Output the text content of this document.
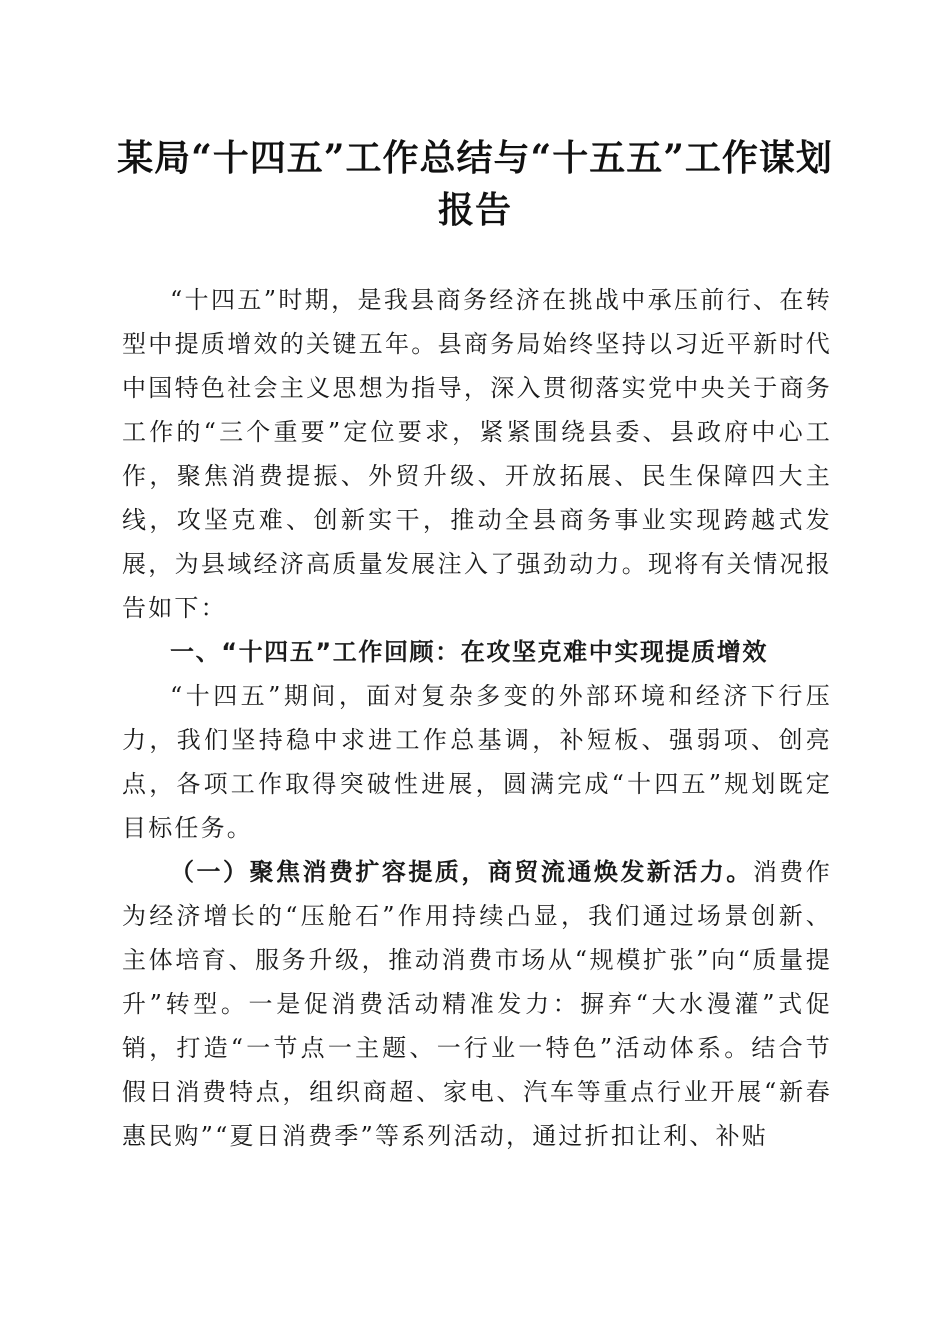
某局“十四五”工作总结与“十五五”工作谋划报告

“十四五”时期，是我县商务经济在挑战中承压前行、在转型中提质增效的关键五年。县商务局始终坚持以习近平新时代中国特色社会主义思想为指导，深入贯彻落实党中央关于商务工作的“三个重要”定位要求，紧紧围绕县委、县政府中心工作，聚焦消费提振、外贸升级、开放拓展、民生保障四大主线，攻坚克难、创新实干，推动全县商务事业实现跨越式发展，为县域经济高质量发展注入了强劲动力。现将有关情况报告如下：

一、“十四五”工作回顾：在攻坚克难中实现提质增效

“十四五”期间，面对复杂多变的外部环境和经济下行压力，我们坚持稳中求进工作总基调，补短板、强弱项、创亮点，各项工作取得突破性进展，圆满完成“十四五”规划既定目标任务。

（一）聚焦消费扩容提质，商贸流通焕发新活力。消费作为经济增长的“压舱石”作用持续凸显，我们通过场景创新、主体培育、服务升级，推动消费市场从“规模扩张”向“质量提升”转型。一是促消费活动精准发力：摒弃“大水漫灌”式促销，打造“一节点一主题、一行业一特色”活动体系。结合节假日消费特点，组织商超、家电、汽车等重点行业开展“新春惠民购”“夏日消费季”等系列活动，通过折扣让利、补贴
